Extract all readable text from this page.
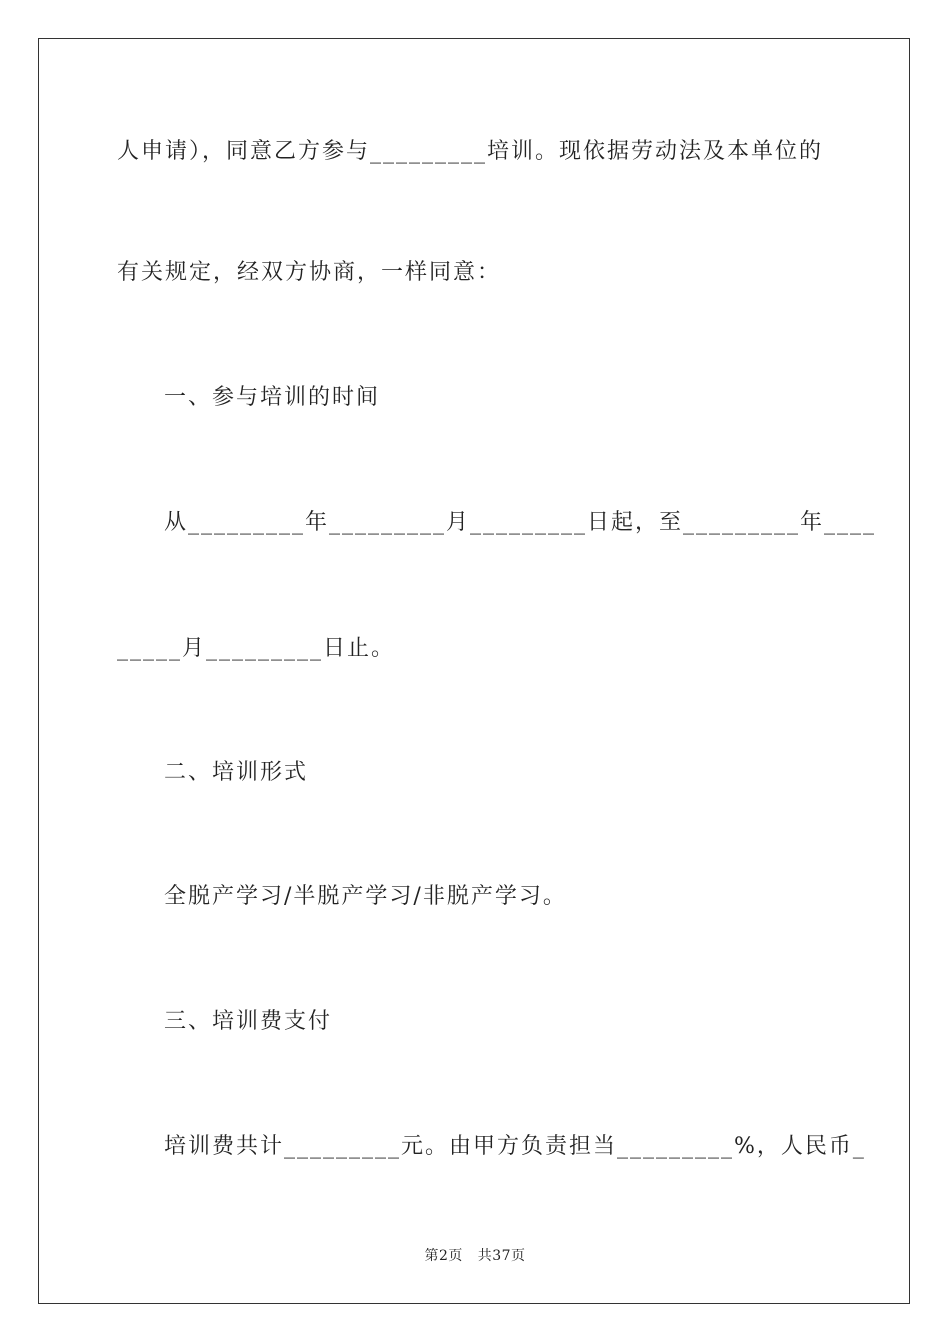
人申请），同意乙方参与_________培训。现依据劳动法及本单位的
有关规定，经双方协商，一样同意：
一、参与培训的时间
从_________年_________月_________日起，至_________年____
_____月_________日止。
二、培训形式
全脱产学习/半脱产学习/非脱产学习。
三、培训费支付
培训费共计_________元。由甲方负责担当_________%，人民币_
第2页   共37页
